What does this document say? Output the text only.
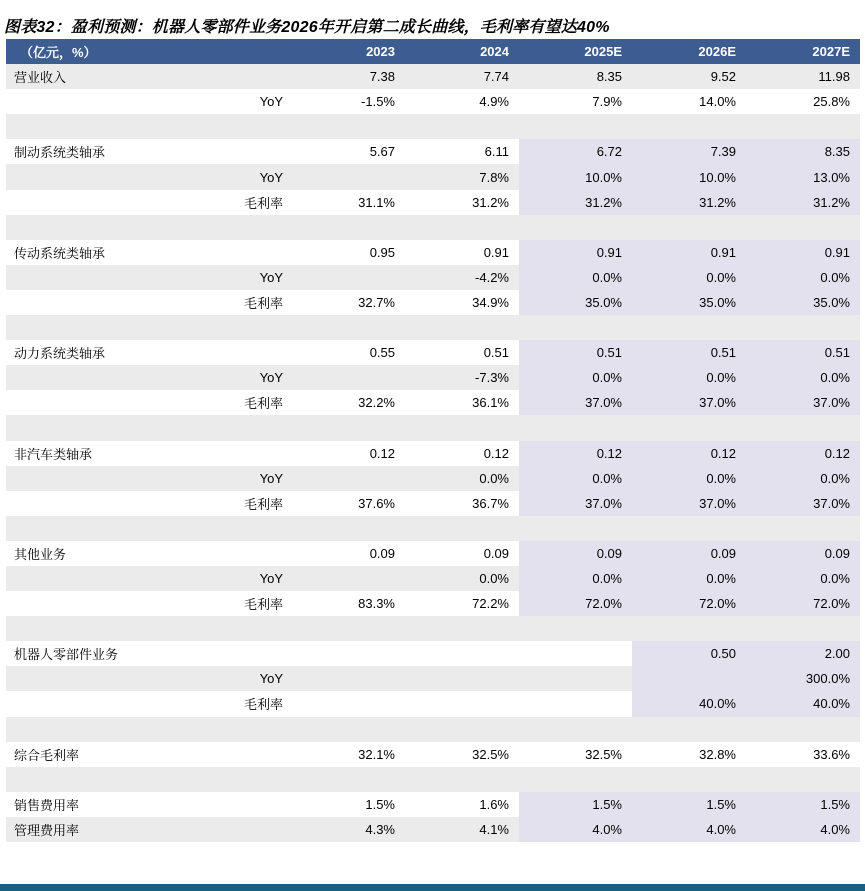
图表32：盈利预测：机器人零部件业务2026年开启第二成长曲线，毛利率有望达40%
（亿元，%）	2023	2024	2025E	2026E	2027E
营业收入	7.38	7.74	8.35	9.52	11.98
YoY	-1.5%	4.9%	7.9%	14.0%	25.8%

制动系统类轴承	5.67	6.11	6.72	7.39	8.35
YoY		7.8%	10.0%	10.0%	13.0%
毛利率	31.1%	31.2%	31.2%	31.2%	31.2%

传动系统类轴承	0.95	0.91	0.91	0.91	0.91
YoY		-4.2%	0.0%	0.0%	0.0%
毛利率	32.7%	34.9%	35.0%	35.0%	35.0%

动力系统类轴承	0.55	0.51	0.51	0.51	0.51
YoY		-7.3%	0.0%	0.0%	0.0%
毛利率	32.2%	36.1%	37.0%	37.0%	37.0%

非汽车类轴承	0.12	0.12	0.12	0.12	0.12
YoY		0.0%	0.0%	0.0%	0.0%
毛利率	37.6%	36.7%	37.0%	37.0%	37.0%

其他业务	0.09	0.09	0.09	0.09	0.09
YoY		0.0%	0.0%	0.0%	0.0%
毛利率	83.3%	72.2%	72.0%	72.0%	72.0%

机器人零部件业务				0.50	2.00
YoY					300.0%
毛利率				40.0%	40.0%

综合毛利率	32.1%	32.5%	32.5%	32.8%	33.6%

销售费用率	1.5%	1.6%	1.5%	1.5%	1.5%
管理费用率	4.3%	4.1%	4.0%	4.0%	4.0%
